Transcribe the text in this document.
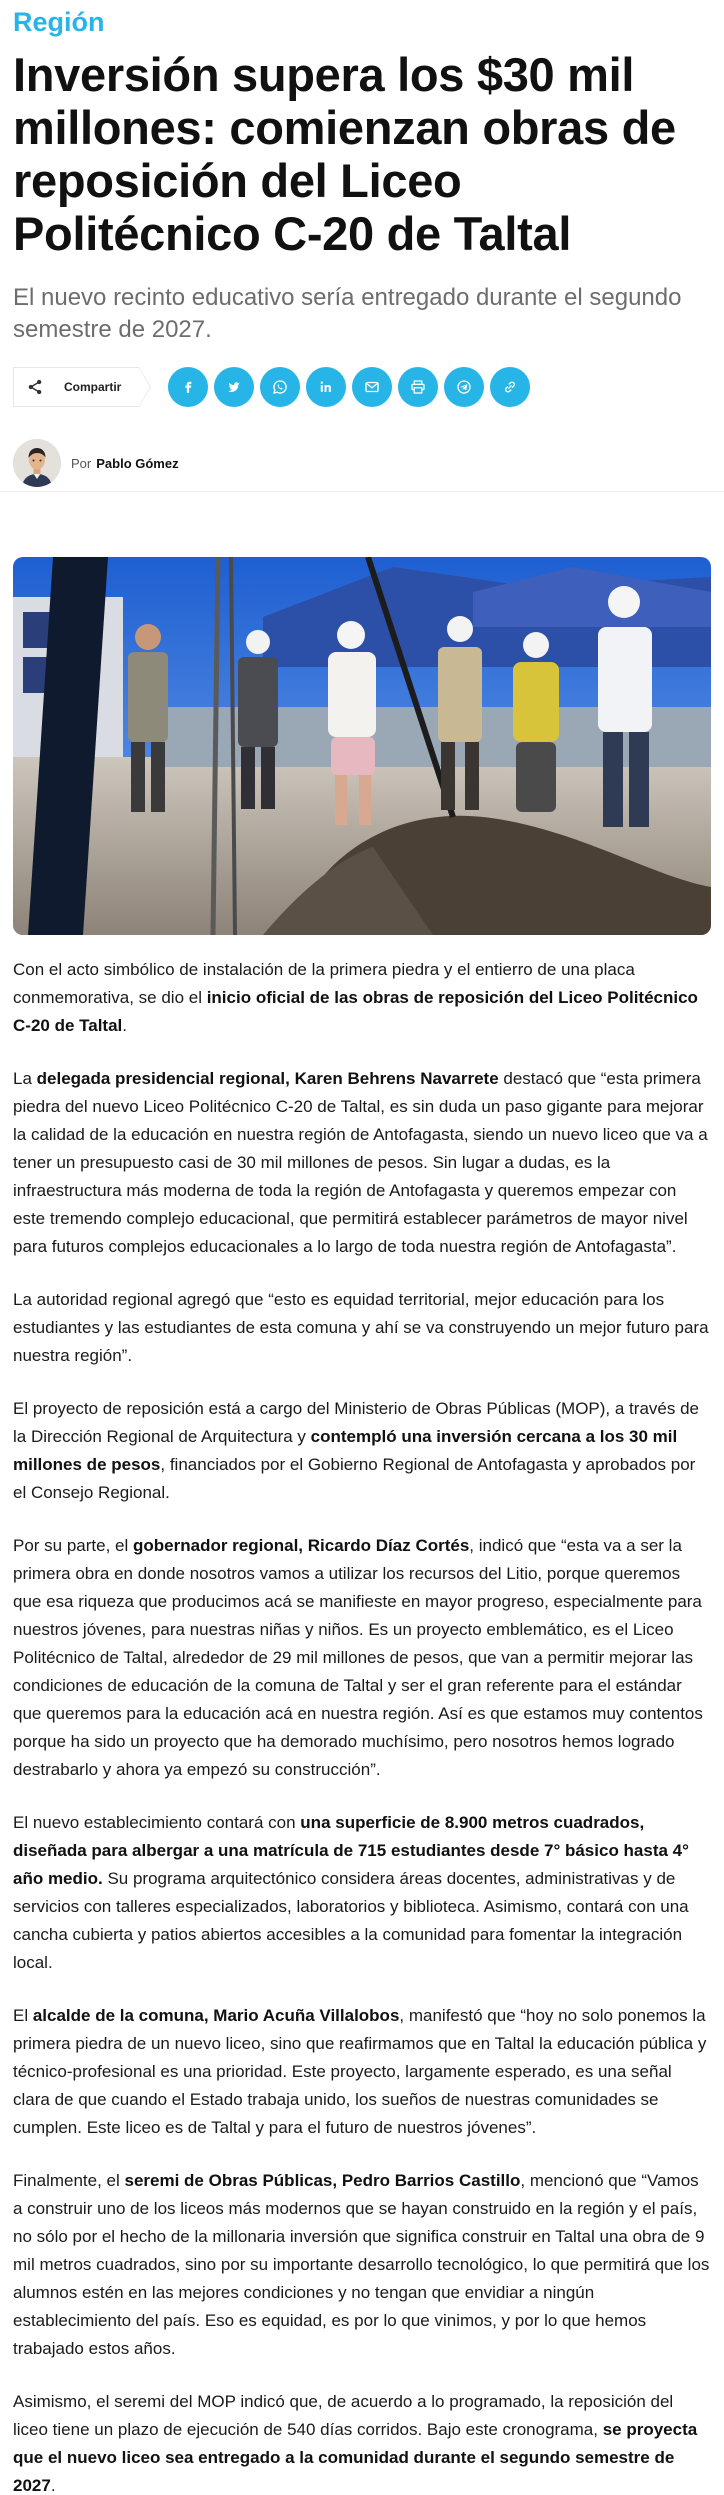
Región
Inversión supera los $30 mil millones: comienzan obras de reposición del Liceo Politécnico C-20 de Taltal
El nuevo recinto educativo sería entregado durante el segundo semestre de 2027.
Compartir
Por Pablo Gómez

Con el acto simbólico de instalación de la primera piedra y el entierro de una placa conmemorativa, se dio el inicio oficial de las obras de reposición del Liceo Politécnico C-20 de Taltal.

La delegada presidencial regional, Karen Behrens Navarrete destacó que “esta primera piedra del nuevo Liceo Politécnico C-20 de Taltal, es sin duda un paso gigante para mejorar la calidad de la educación en nuestra región de Antofagasta, siendo un nuevo liceo que va a tener un presupuesto casi de 30 mil millones de pesos. Sin lugar a dudas, es la infraestructura más moderna de toda la región de Antofagasta y queremos empezar con este tremendo complejo educacional, que permitirá establecer parámetros de mayor nivel para futuros complejos educacionales a lo largo de toda nuestra región de Antofagasta”.

La autoridad regional agregó que “esto es equidad territorial, mejor educación para los estudiantes y las estudiantes de esta comuna y ahí se va construyendo un mejor futuro para nuestra región”.

El proyecto de reposición está a cargo del Ministerio de Obras Públicas (MOP), a través de la Dirección Regional de Arquitectura y contempló una inversión cercana a los 30 mil millones de pesos, financiados por el Gobierno Regional de Antofagasta y aprobados por el Consejo Regional.

Por su parte, el gobernador regional, Ricardo Díaz Cortés, indicó que “esta va a ser la primera obra en donde nosotros vamos a utilizar los recursos del Litio, porque queremos que esa riqueza que producimos acá se manifieste en mayor progreso, especialmente para nuestros jóvenes, para nuestras niñas y niños. Es un proyecto emblemático, es el Liceo Politécnico de Taltal, alrededor de 29 mil millones de pesos, que van a permitir mejorar las condiciones de educación de la comuna de Taltal y ser el gran referente para el estándar que queremos para la educación acá en nuestra región. Así es que estamos muy contentos porque ha sido un proyecto que ha demorado muchísimo, pero nosotros hemos logrado destrabarlo y ahora ya empezó su construcción”.

El nuevo establecimiento contará con una superficie de 8.900 metros cuadrados, diseñada para albergar a una matrícula de 715 estudiantes desde 7° básico hasta 4° año medio. Su programa arquitectónico considera áreas docentes, administrativas y de servicios con talleres especializados, laboratorios y biblioteca. Asimismo, contará con una cancha cubierta y patios abiertos accesibles a la comunidad para fomentar la integración local.

El alcalde de la comuna, Mario Acuña Villalobos, manifestó que “hoy no solo ponemos la primera piedra de un nuevo liceo, sino que reafirmamos que en Taltal la educación pública y técnico-profesional es una prioridad. Este proyecto, largamente esperado, es una señal clara de que cuando el Estado trabaja unido, los sueños de nuestras comunidades se cumplen. Este liceo es de Taltal y para el futuro de nuestros jóvenes”.

Finalmente, el seremi de Obras Públicas, Pedro Barrios Castillo, mencionó que “Vamos a construir uno de los liceos más modernos que se hayan construido en la región y el país, no sólo por el hecho de la millonaria inversión que significa construir en Taltal una obra de 9 mil metros cuadrados, sino por su importante desarrollo tecnológico, lo que permitirá que los alumnos estén en las mejores condiciones y no tengan que envidiar a ningún establecimiento del país. Eso es equidad, es por lo que vinimos, y por lo que hemos trabajado estos años.

Asimismo, el seremi del MOP indicó que, de acuerdo a lo programado, la reposición del liceo tiene un plazo de ejecución de 540 días corridos. Bajo este cronograma, se proyecta que el nuevo liceo sea entregado a la comunidad durante el segundo semestre de 2027.
